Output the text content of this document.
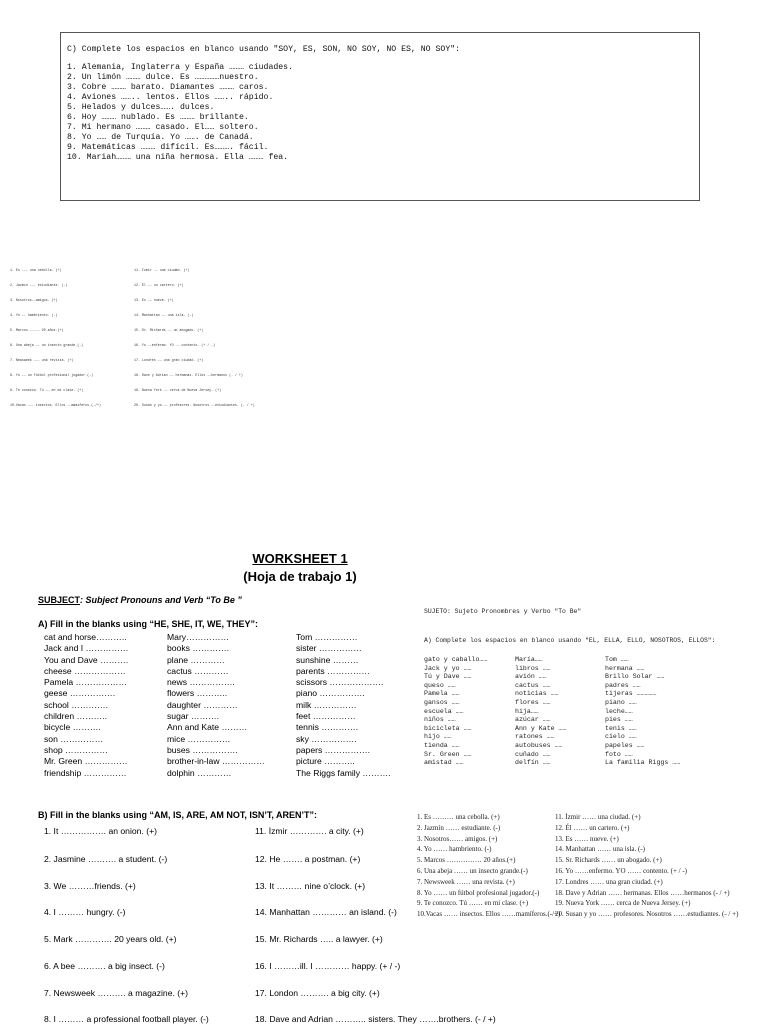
C) Complete los espacios en blanco usando "SOY, ES, SON, NO SOY, NO ES, NO SOY":
1. Alemania, Inglaterra y España ……… ciudades.
2. Un limón ……… dulce. Es ……………nuestro.
3. Cobre ……… barato. Diamantes ……… caros.
4. Aviones …….. lentos. Ellos …….. rápido.
5. Helados y dulces……. dulces.
6. Hoy ……… nublado. Es ……… brillante.
7. Mi hermano ……… casado. El…… soltero.
8. Yo …… de Turquía. Yo ……. de Canadá.
9. Matemáticas ……… difícil. Es………. fácil.
10. Mariah……… una niña hermosa. Ella ……… fea.

1. Es ……… una cebolla. (+)

2. Jazmín ……… estudiante. (-)

3. Nosotros……amigos. (+)

4. Yo …… hambriento. (-)

5. Marcos …………… 20 años.(+)

6. Una abeja …… un insecto grande.(-)

7. Newsweek ……… una revista. (+)

8. Yo …… un fútbol profesional jugador.(-)

9. Te conozco. Tú …… en mi clase. (+)

10.Vacas ……… insectos. Ellos ……mamíferos.(-/+)

11. İzmir …… una ciudad. (+)

12. Él …… un cartero. (+)

13. Es …… nueve. (+)

14. Manhattan …… una isla. (-)

15. Sr. Richards …… un abogado. (+)

16. Yo ……enfermo. YO …… contento. (+ / -)

17. Londres …… una gran ciudad. (+)

18. Dave y Adrian …… hermanas. Ellos ……hermanos (- / +)

19. Nueva York …… cerca de Nueva Jersey. (+)

20. Susan y yo …… profesores. Nosotros ……estudiantes. (- / +)

WORKSHEET 1
(Hoja de trabajo 1)
SUBJECT: Subject Pronouns and Verb “To Be ”
A) Fill in the blanks using “HE, SHE, IT, WE, THEY”:
cat and horse………..
Jack and I ……………
You and Dave ……….
cheese ………………
Pamela ………………
geese …………….
school ………….
children ………..
bicycle ……….
son ……………
shop ……………
Mr. Green ……………
friendship ……………
Mary……………
books ………….
plane …………
cactus …………
news …………….
flowers ………..
daughter …………
sugar ……….
Ann and Kate ………
mice ……………
buses …………….
brother-in-law ……………
dolphin …………
Tom ……………
sister ……………
sunshine ………
parents ……………
scissors ……………….
piano …………….
milk ……………
feet ……………
tennis ………….
sky …………….
papers …………….
picture ………..
The Riggs family ……….
SUJETO: Sujeto Pronombres y Verbo "To Be"
A) Complete los espacios en blanco usando "EL, ELLA, ELLO, NOSOTROS, ELLOS":
gato y caballo……
Jack y yo ……
Tú y Dave ……
queso ……
Pamela ……
gansos ……
escuela ……
niños ……
bicicleta ……
hijo ……
tienda ……
Sr. Green ……
amistad ……
María……
libros ……
avión ……
cactus ……
noticias ……
flores ……
hija……
azúcar ……
Ann y Kate ……
ratones ……
autobuses ……
cuñado ……
delfín ……
Tom ……
hermana ……
Brillo Solar ……
padres ……
tijeras ……………
piano ……
leche……
pies ……
tenis ……
cielo ……
papeles ……
foto ……
La familia Riggs ……
B) Fill in the blanks using “AM, IS, ARE, AM NOT, ISN’T, AREN’T”:
1. It ……………. an onion. (+)
2. Jasmine ………. a student. (-)
3. We ………friends. (+)
4. I ……… hungry. (-)
5. Mark …………. 20 years old. (+)
6. A bee ………. a big insect. (-)
7. Newsweek ………. a magazine. (+)
8. I ……… a professional football player. (-)
11. İzmir …………. a city. (+)
12. He ……. a postman. (+)
13. It ……… nine o’clock. (+)
14. Manhattan ………… an island. (-)
15. Mr. Richards ….. a lawyer. (+)
16. I ………ill. I ………… happy. (+ / -)
17. London ………. a big city. (+)
18. Dave and Adrian ……….. sisters. They …….brothers. (- / +)
1. Es ……… una cebolla. (+)
2. Jazmín …… estudiante. (-)
3. Nosotros…… amigos. (+)
4. Yo …… hambriento. (-)
5. Marcos …………… 20 años.(+)
6. Una abeja …… un insecto grande.(-)
7. Newsweek …… una revista. (+)
8. Yo …… un fútbol profesional jugador.(-)
9. Te conozco. Tú …… en mi clase. (+)
10.Vacas …… insectos. Ellos ……mamíferos.(-/+)
11. İzmir …… una ciudad. (+)
12. Él …… un cartero. (+)
13. Es …… nueve. (+)
14. Manhattan …… una isla. (-)
15. Sr. Richards …… un abogado. (+)
16. Yo ……enfermo. YO …… contento. (+ / -)
17. Londres …… una gran ciudad. (+)
18. Dave y Adrian …… hermanas. Ellos ……hermanos (- / +)
19. Nueva York …… cerca de Nueva Jersey. (+)
20. Susan y yo …… profesores. Nosotros ……estudiantes. (- / +)
